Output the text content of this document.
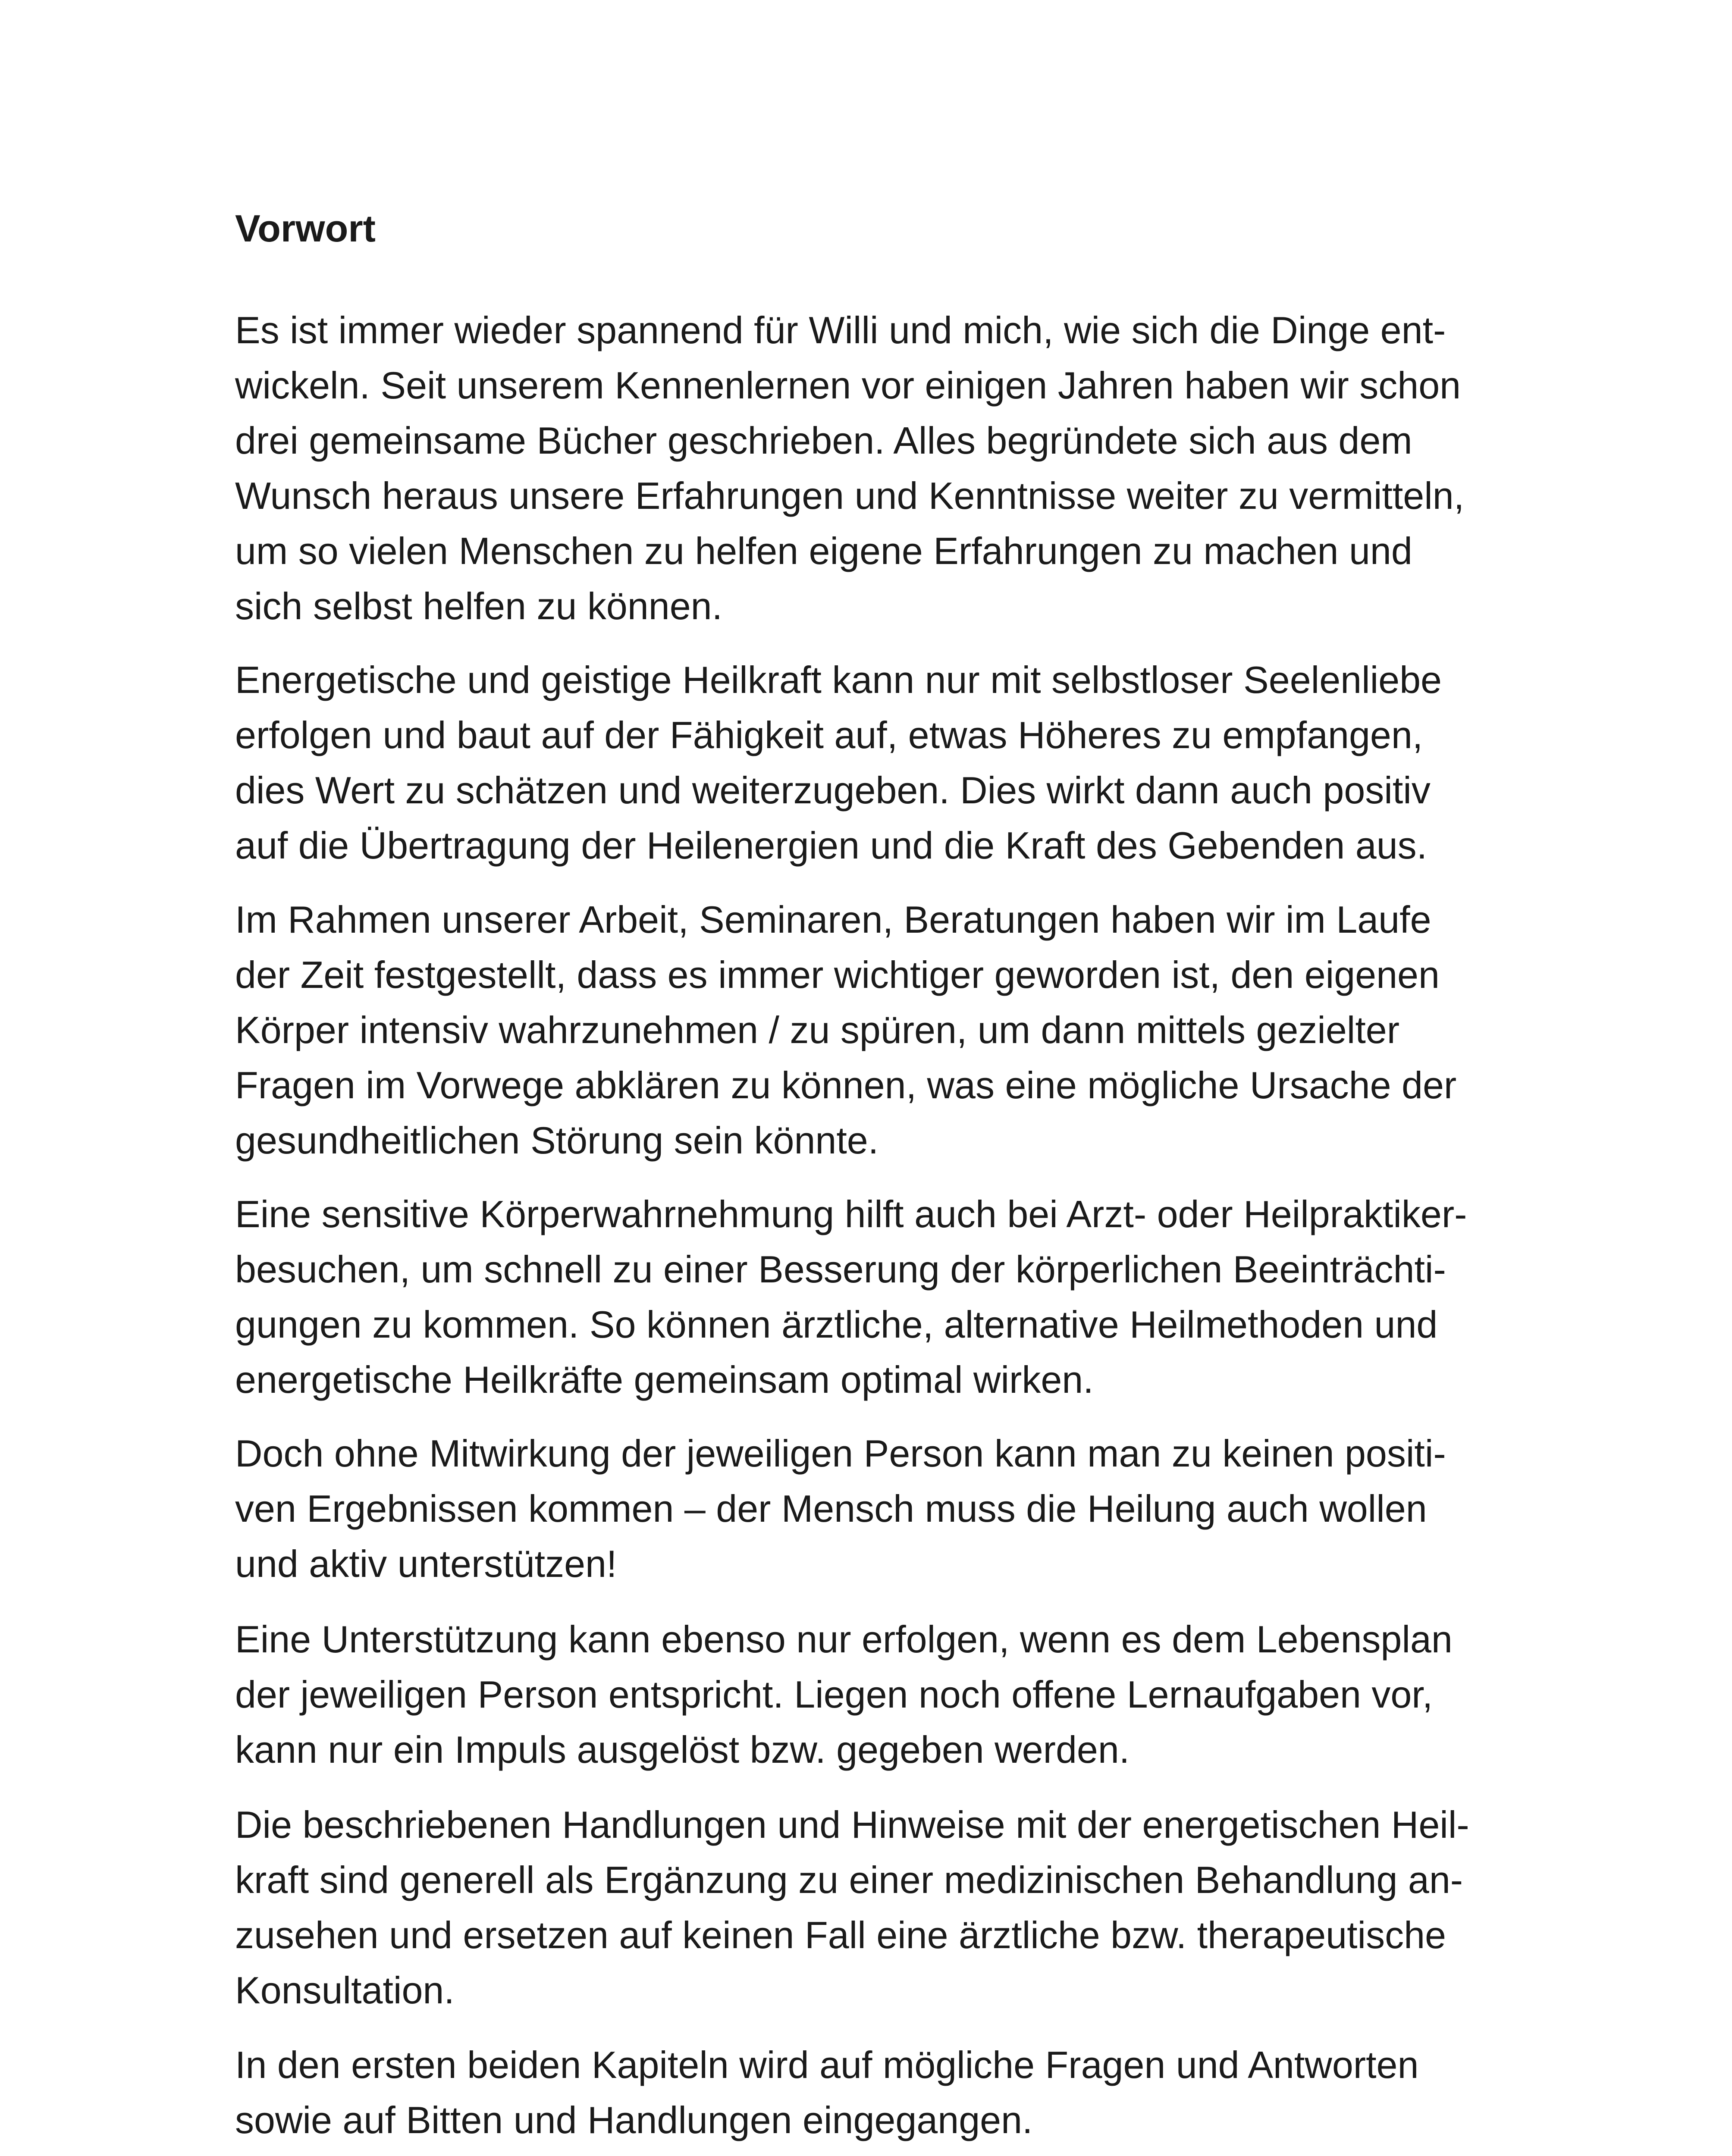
Vorwort

Es ist immer wieder spannend für Willi und mich, wie sich die Dinge ent-
wickeln. Seit unserem Kennenlernen vor einigen Jahren haben wir schon
drei gemeinsame Bücher geschrieben. Alles begründete sich aus dem
Wunsch heraus unsere Erfahrungen und Kenntnisse weiter zu vermitteln,
um so vielen Menschen zu helfen eigene Erfahrungen zu machen und
sich selbst helfen zu können.

Energetische und geistige Heilkraft kann nur mit selbstloser Seelenliebe
erfolgen und baut auf der Fähigkeit auf, etwas Höheres zu empfangen,
dies Wert zu schätzen und weiterzugeben. Dies wirkt dann auch positiv
auf die Übertragung der Heilenergien und die Kraft des Gebenden aus.

Im Rahmen unserer Arbeit, Seminaren, Beratungen haben wir im Laufe
der Zeit festgestellt, dass es immer wichtiger geworden ist, den eigenen
Körper intensiv wahrzunehmen / zu spüren, um dann mittels gezielter
Fragen im Vorwege abklären zu können, was eine mögliche Ursache der
gesundheitlichen Störung sein könnte.

Eine sensitive Körperwahrnehmung hilft auch bei Arzt- oder Heilpraktiker-
besuchen, um schnell zu einer Besserung der körperlichen Beeinträchti-
gungen zu kommen. So können ärztliche, alternative Heilmethoden und
energetische Heilkräfte gemeinsam optimal wirken.

Doch ohne Mitwirkung der jeweiligen Person kann man zu keinen positi-
ven Ergebnissen kommen – der Mensch muss die Heilung auch wollen
und aktiv unterstützen!

Eine Unterstützung kann ebenso nur erfolgen, wenn es dem Lebensplan
der jeweiligen Person entspricht. Liegen noch offene Lernaufgaben vor,
kann nur ein Impuls ausgelöst bzw. gegeben werden.

Die beschriebenen Handlungen und Hinweise mit der energetischen Heil-
kraft sind generell als Ergänzung zu einer medizinischen Behandlung an-
zusehen und ersetzen auf keinen Fall eine ärztliche bzw. therapeutische
Konsultation.

In den ersten beiden Kapiteln wird auf mögliche Fragen und Antworten
sowie auf Bitten und Handlungen eingegangen.
